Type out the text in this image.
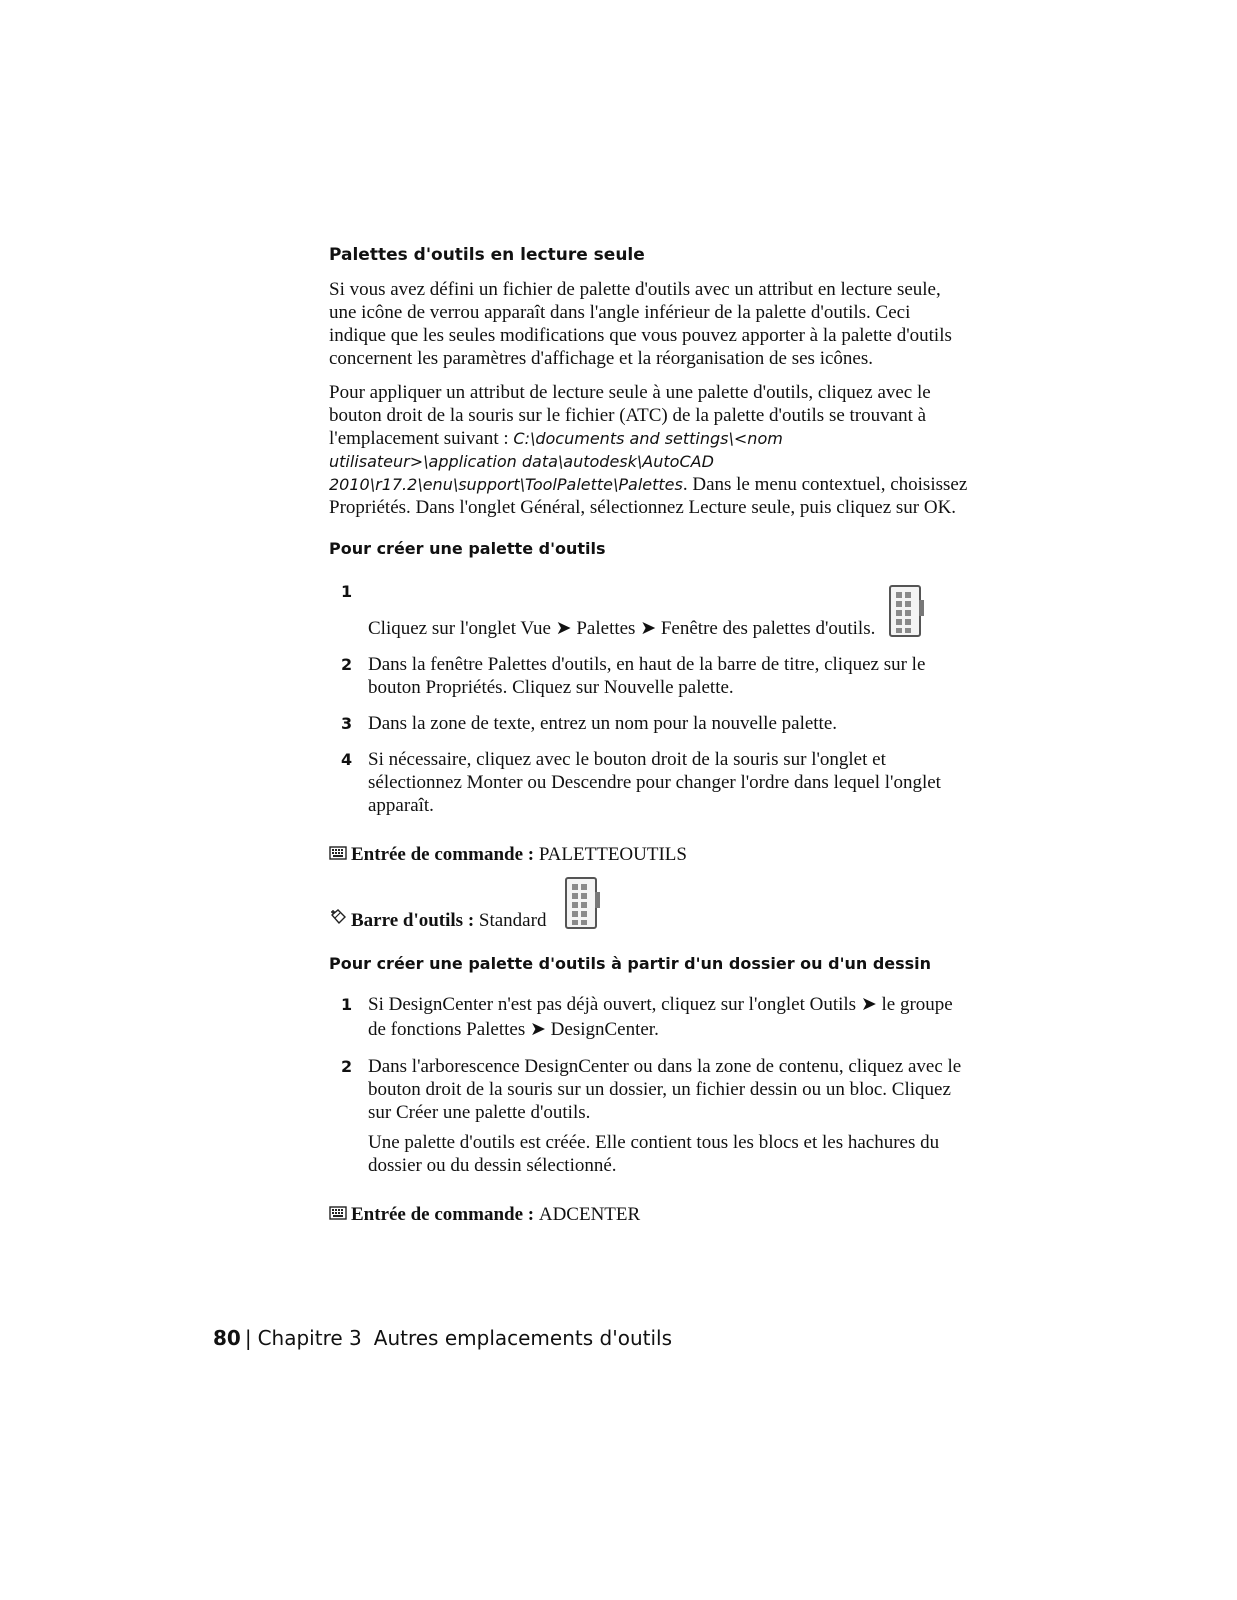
Palettes d'outils en lecture seule

Si vous avez défini un fichier de palette d'outils avec un attribut en lecture seule, une icône de verrou apparaît dans l'angle inférieur de la palette d'outils. Ceci indique que les seules modifications que vous pouvez apporter à la palette d'outils concernent les paramètres d'affichage et la réorganisation de ses icônes.

Pour appliquer un attribut de lecture seule à une palette d'outils, cliquez avec le bouton droit de la souris sur le fichier (ATC) de la palette d'outils se trouvant à l'emplacement suivant : C:\documents and settings\<nom utilisateur>\application data\autodesk\AutoCAD 2010\r17.2\enu\support\ToolPalette\Palettes. Dans le menu contextuel, choisissez Propriétés. Dans l'onglet Général, sélectionnez Lecture seule, puis cliquez sur OK.

Pour créer une palette d'outils
1
Cliquez sur l'onglet Vue ➤ Palettes ➤ Fenêtre des palettes d'outils.
2 Dans la fenêtre Palettes d'outils, en haut de la barre de titre, cliquez sur le bouton Propriétés. Cliquez sur Nouvelle palette.
3 Dans la zone de texte, entrez un nom pour la nouvelle palette.
4 Si nécessaire, cliquez avec le bouton droit de la souris sur l'onglet et sélectionnez Monter ou Descendre pour changer l'ordre dans lequel l'onglet apparaît.
Entrée de commande :
PALETTEOUTILS
Barre d'outils :
Standard
Pour créer une palette d'outils à partir d'un dossier ou d'un dessin
1 Si DesignCenter n'est pas déjà ouvert, cliquez sur l'onglet Outils ➤ le groupe de fonctions Palettes ➤ DesignCenter.
2 Dans l'arborescence DesignCenter ou dans la zone de contenu, cliquez avec le bouton droit de la souris sur un dossier, un fichier dessin ou un bloc. Cliquez sur Créer une palette d'outils.
Une palette d'outils est créée. Elle contient tous les blocs et les hachures du dossier ou du dessin sélectionné.
Entrée de commande :
ADCENTER
80 | Chapitre 3 Autres emplacements d'outils
